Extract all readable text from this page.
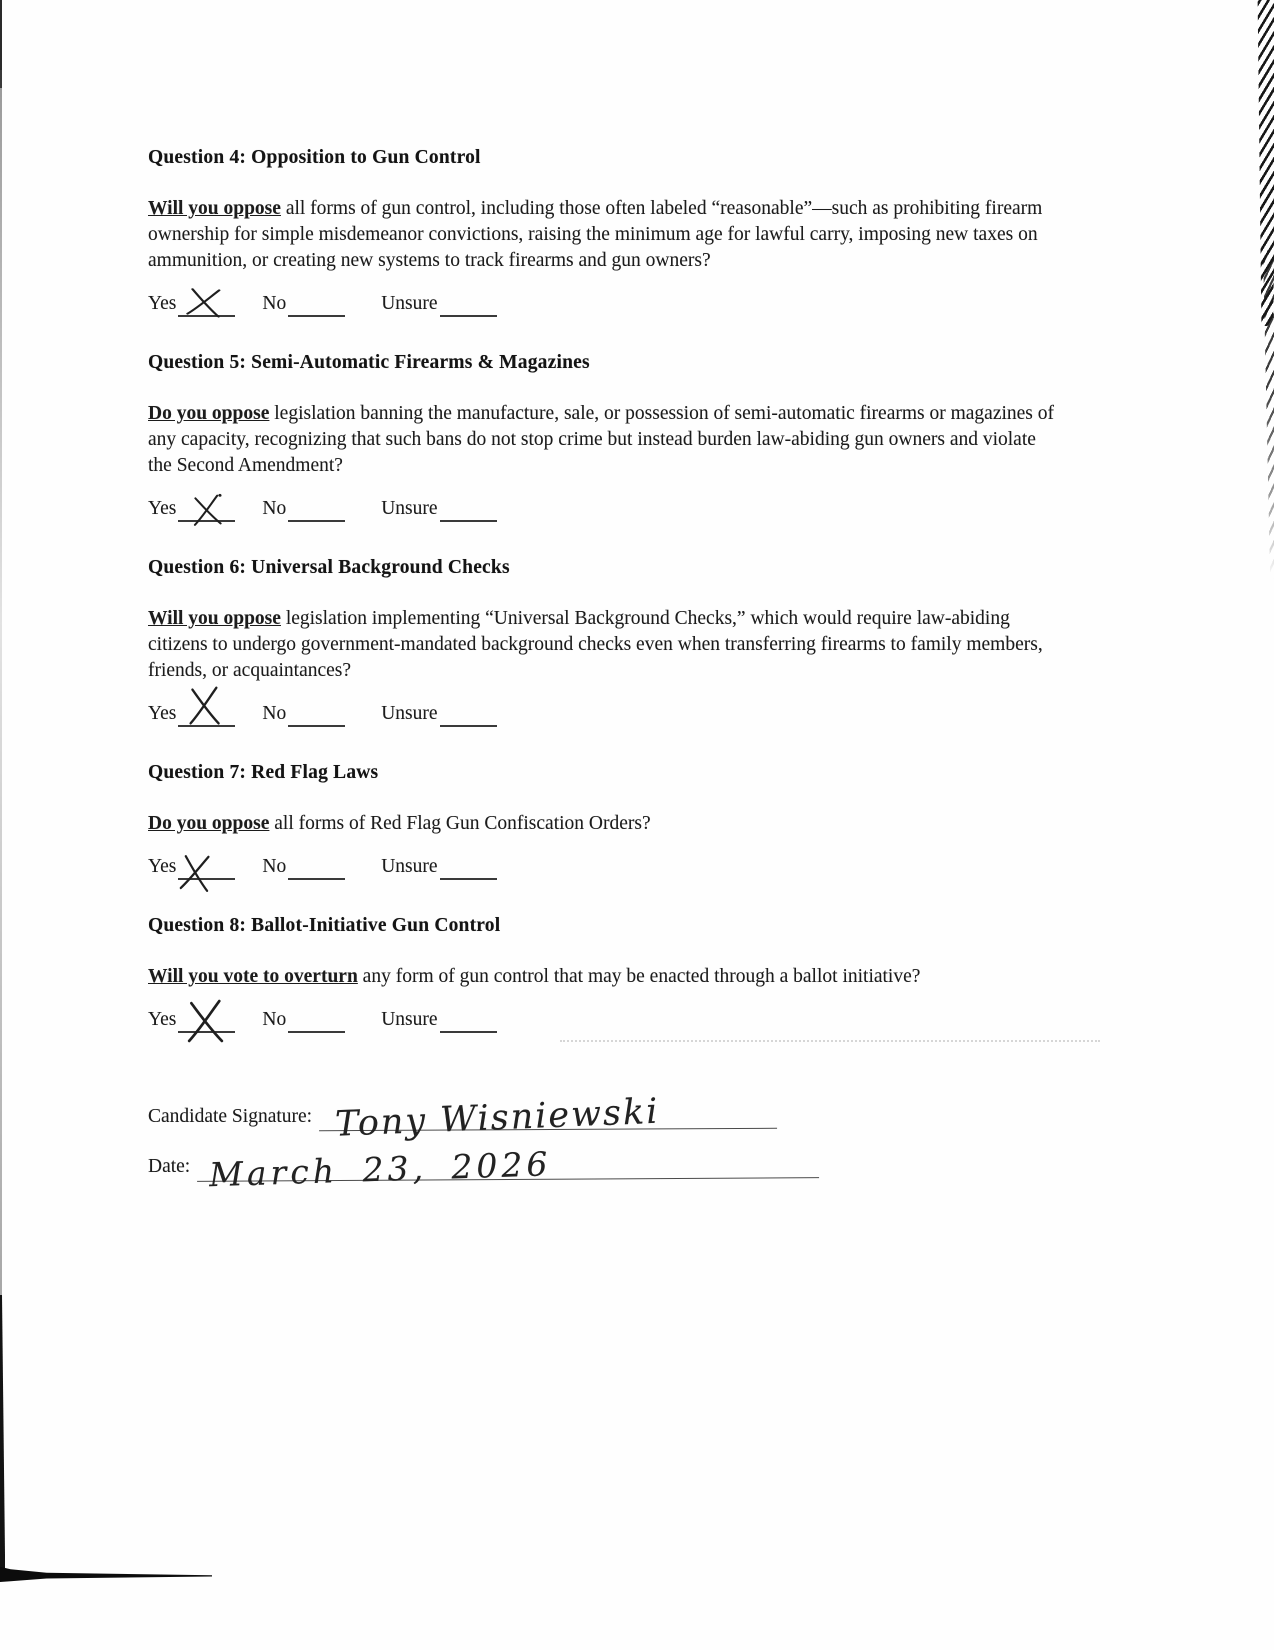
Question 4: Opposition to Gun Control

Will you oppose all forms of gun control, including those often labeled “reasonable”—such as prohibiting firearm ownership for simple misdemeanor convictions, raising the minimum age for lawful carry, imposing new taxes on ammunition, or creating new systems to track firearms and gun owners?

Yes	No	Unsure
Question 5: Semi-Automatic Firearms & Magazines

Do you oppose legislation banning the manufacture, sale, or possession of semi-automatic firearms or magazines of any capacity, recognizing that such bans do not stop crime but instead burden law-abiding gun owners and violate the Second Amendment?

Yes	No	Unsure
Question 6: Universal Background Checks

Will you oppose legislation implementing “Universal Background Checks,” which would require law-abiding citizens to undergo government-mandated background checks even when transferring firearms to family members, friends, or acquaintances?

Yes	No	Unsure
Question 7: Red Flag Laws

Do you oppose all forms of Red Flag Gun Confiscation Orders?

Yes	No	Unsure
Question 8: Ballot-Initiative Gun Control

Will you vote to overturn any form of gun control that may be enacted through a ballot initiative?

Yes	No	Unsure
Candidate Signature: Tony Wisniewski
Date: March 23, 2026
